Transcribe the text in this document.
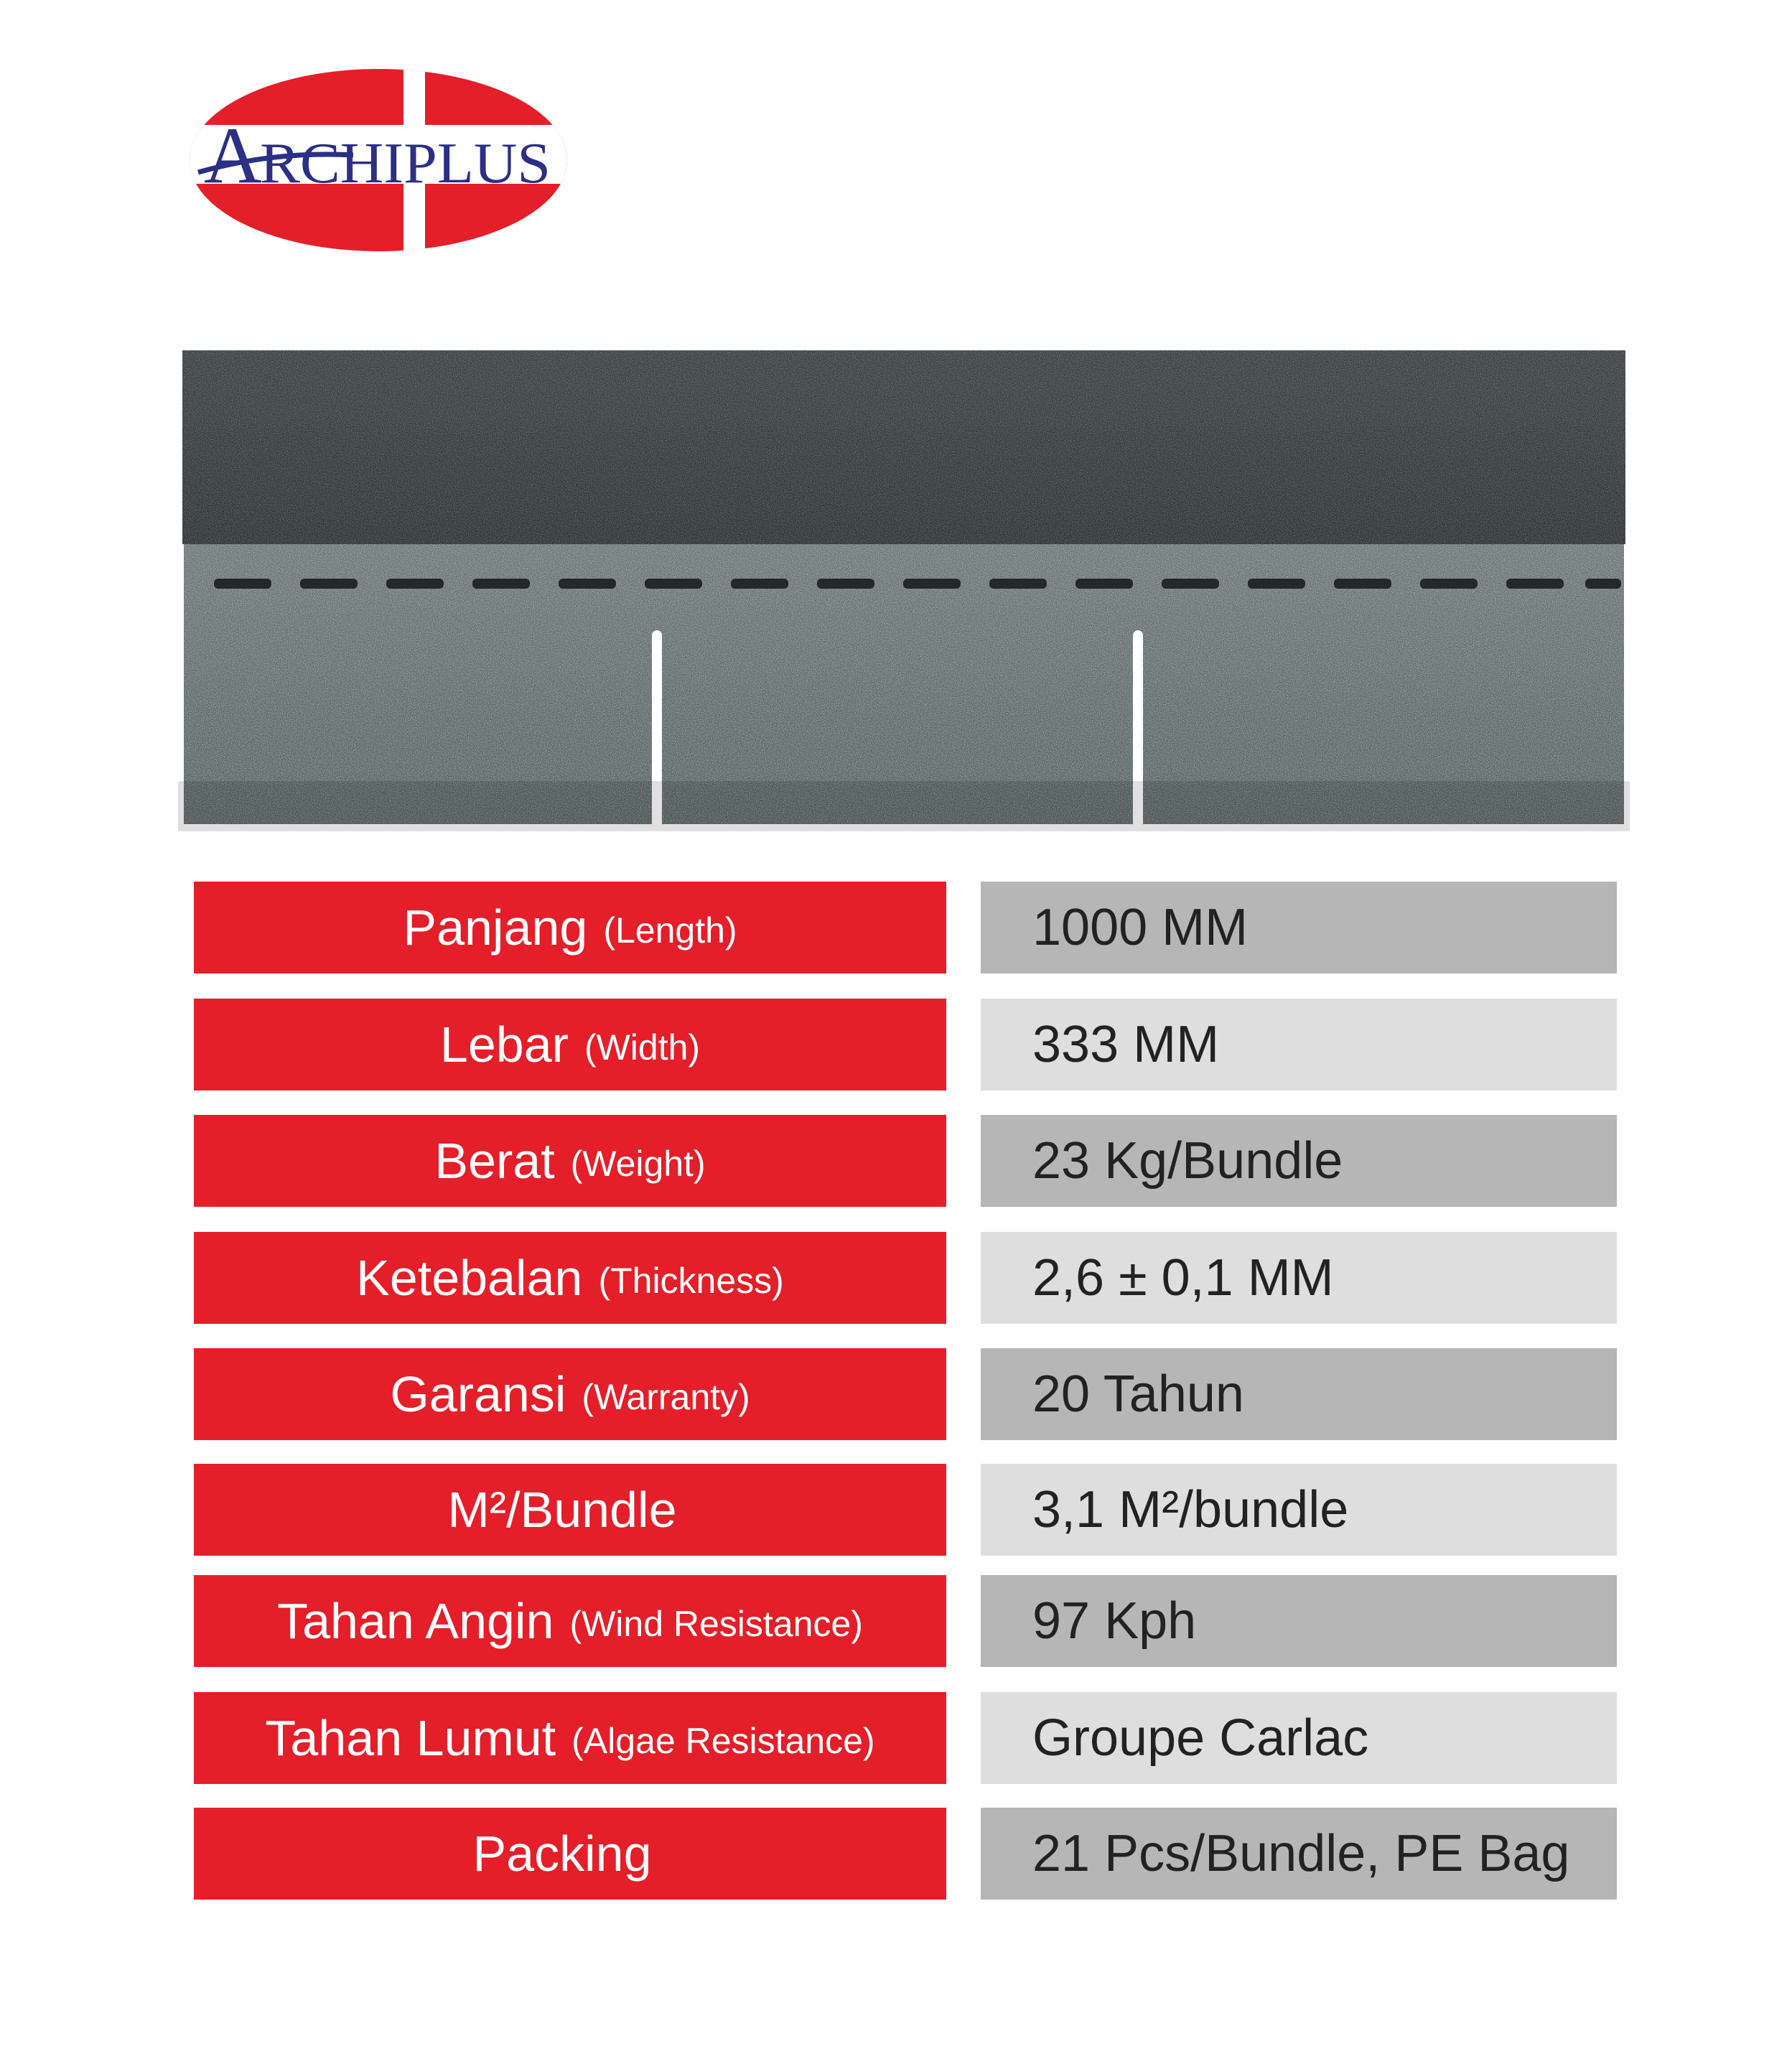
A
RCHIPLUS
Panjang (Length)	1000 MM
Lebar (Width)	333 MM
Berat (Weight)	23 Kg/Bundle
Ketebalan (Thickness)	2,6 ± 0,1 MM
Garansi (Warranty)	20 Tahun
M²/Bundle	3,1 M²/bundle
Tahan Angin (Wind Resistance)	97 Kph
Tahan Lumut (Algae Resistance)	Groupe Carlac
Packing	21 Pcs/Bundle, PE Bag
